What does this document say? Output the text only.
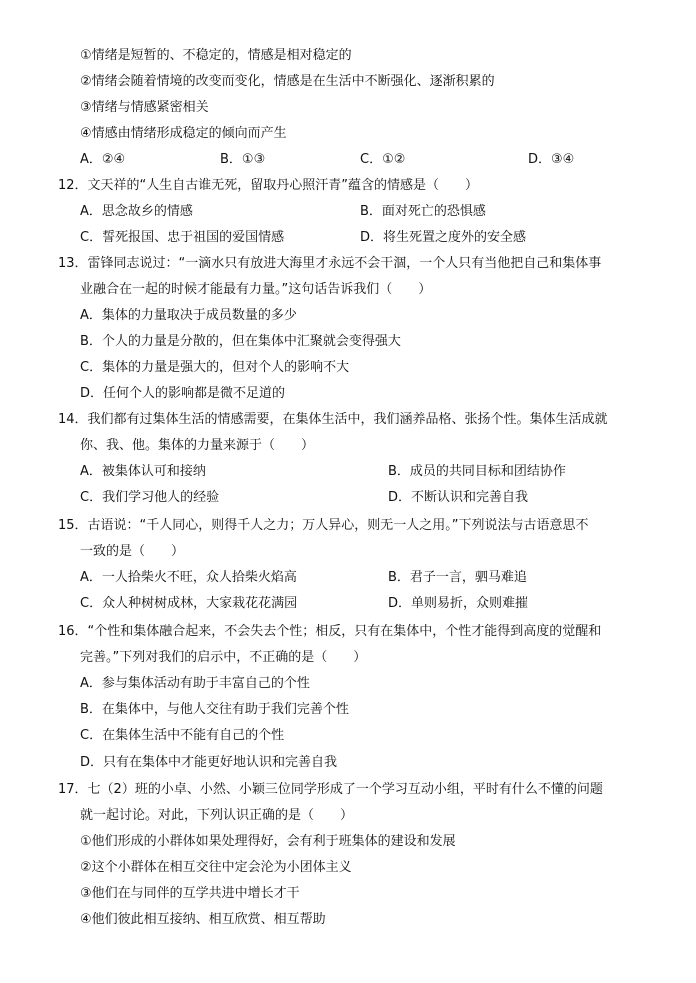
①情绪是短暂的、不稳定的，情感是相对稳定的
②情绪会随着情境的改变而变化，情感是在生活中不断强化、逐渐积累的
③情绪与情感紧密相关
④情感由情绪形成稳定的倾向而产生
A．②④	B．①③	C．①②	D．③④
12．文天祥的“人生自古谁无死，留取丹心照汗青”蕴含的情感是（　　）
A．思念故乡的情感	B．面对死亡的恐惧感
C．誓死报国、忠于祖国的爱国情感	D．将生死置之度外的安全感
13．雷锋同志说过：“一滴水只有放进大海里才永远不会干涸，一个人只有当他把自己和集体事
业融合在一起的时候才能最有力量。”这句话告诉我们（　　）
A．集体的力量取决于成员数量的多少
B．个人的力量是分散的，但在集体中汇聚就会变得强大
C．集体的力量是强大的，但对个人的影响不大
D．任何个人的影响都是微不足道的
14．我们都有过集体生活的情感需要，在集体生活中，我们涵养品格、张扬个性。集体生活成就
你、我、他。集体的力量来源于（　　）
A．被集体认可和接纳	B．成员的共同目标和团结协作
C．我们学习他人的经验	D．不断认识和完善自我
15．古语说：“千人同心，则得千人之力；万人异心，则无一人之用。”下列说法与古语意思不
一致的是（　　）
A．一人拾柴火不旺，众人拾柴火焰高	B．君子一言，驷马难追
C．众人种树树成林，大家栽花花满园	D．单则易折，众则难摧
16．“个性和集体融合起来，不会失去个性；相反，只有在集体中，个性才能得到高度的觉醒和
完善。”下列对我们的启示中，不正确的是（　　）
A．参与集体活动有助于丰富自己的个性
B．在集体中，与他人交往有助于我们完善个性
C．在集体生活中不能有自己的个性
D．只有在集体中才能更好地认识和完善自我
17．七（2）班的小卓、小然、小颖三位同学形成了一个学习互动小组，平时有什么不懂的问题
就一起讨论。对此，下列认识正确的是（　　）
①他们形成的小群体如果处理得好，会有利于班集体的建设和发展
②这个小群体在相互交往中定会沦为小团体主义
③他们在与同伴的互学共进中增长才干
④他们彼此相互接纳、相互欣赏、相互帮助
